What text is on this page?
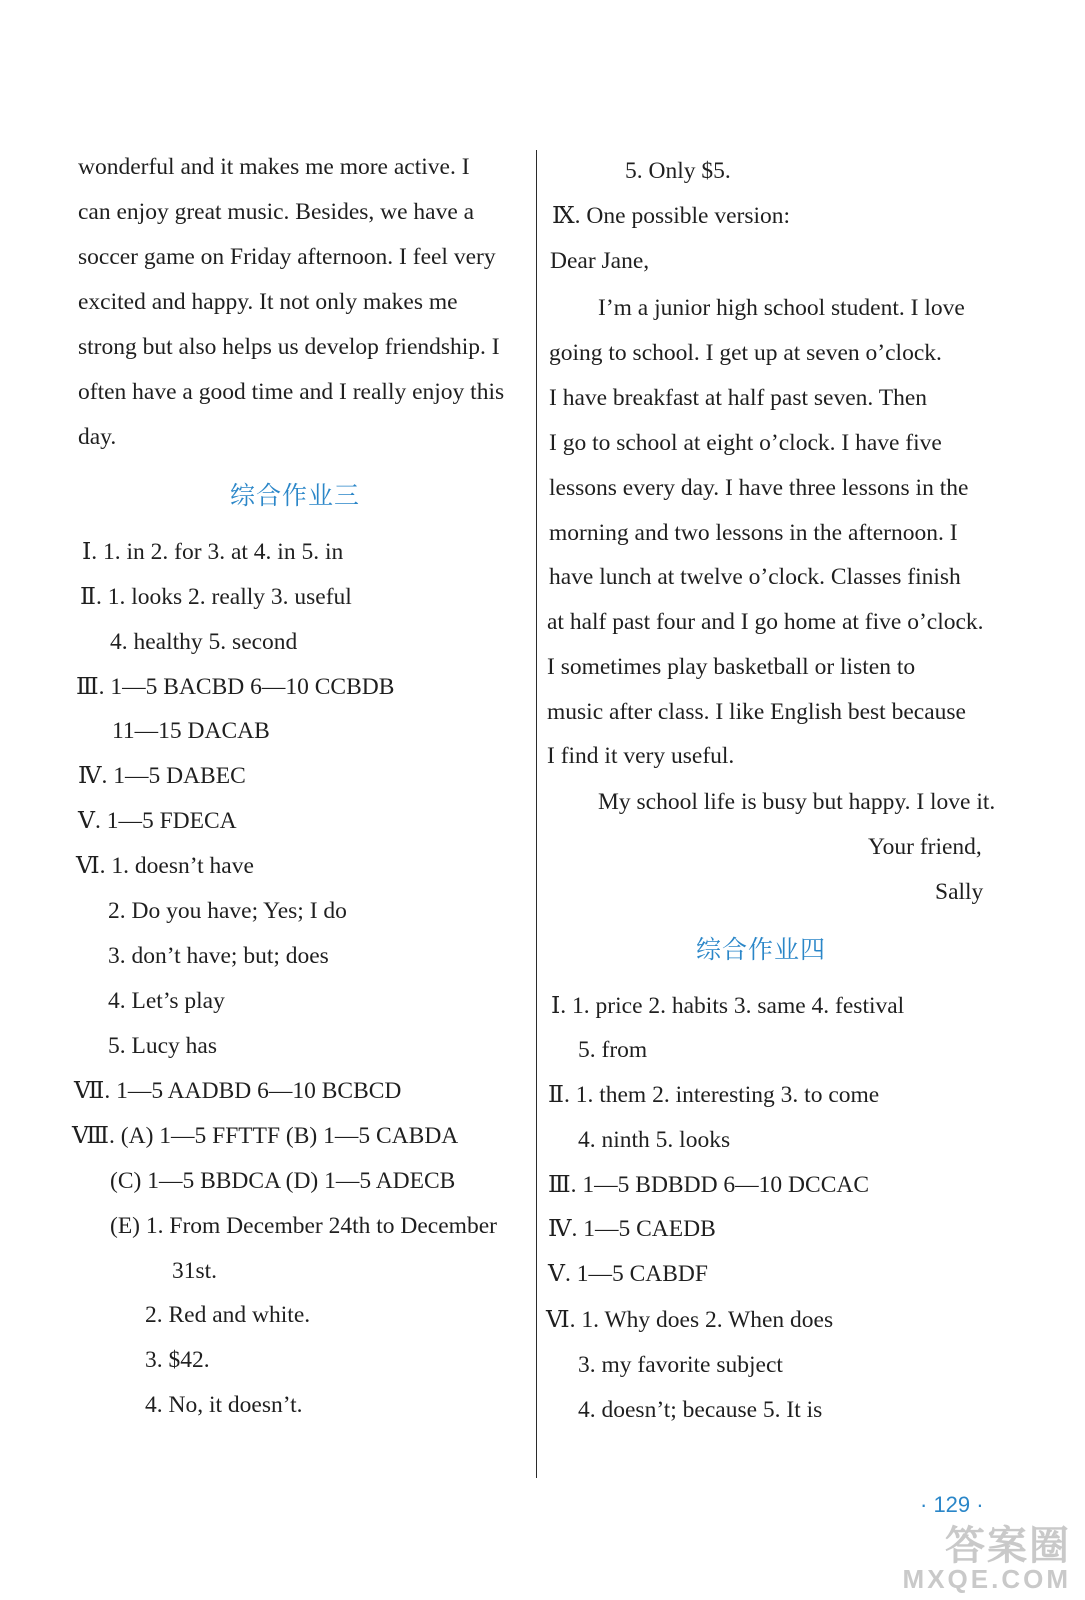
wonderful and it makes me more active. I
can enjoy great music. Besides, we have a
soccer game on Friday afternoon. I feel very
excited and happy. It not only makes me
strong but also helps us develop friendship. I
often have a good time and I really enjoy this
day.
综合作业三
Ⅰ. 1. in 2. for 3. at 4. in 5. in
Ⅱ. 1. looks 2. really 3. useful
4. healthy 5. second
Ⅲ. 1—5 BACBD 6—10 CCBDB
11—15 DACAB
Ⅳ. 1—5 DABEC
Ⅴ. 1—5 FDECA
Ⅵ. 1. doesn’t have
2. Do you have; Yes; I do
3. don’t have; but; does
4. Let’s play
5. Lucy has
Ⅶ. 1—5 AADBD 6—10 BCBCD
Ⅷ. (A) 1—5 FFTTF (B) 1—5 CABDA
(C) 1—5 BBDCA (D) 1—5 ADECB
(E) 1. From December 24th to December
31st.
2. Red and white.
3. $42.
4. No, it doesn’t.
5. Only $5.
Ⅸ. One possible version:
Dear Jane,
I’m a junior high school student. I love
going to school. I get up at seven o’clock.
I have breakfast at half past seven. Then
I go to school at eight o’clock. I have five
lessons every day. I have three lessons in the
morning and two lessons in the afternoon. I
have lunch at twelve o’clock. Classes finish
at half past four and I go home at five o’clock.
I sometimes play basketball or listen to
music after class. I like English best because
I find it very useful.
My school life is busy but happy. I love it.
Your friend,
Sally
综合作业四
Ⅰ. 1. price 2. habits 3. same 4. festival
5. from
Ⅱ. 1. them 2. interesting 3. to come
4. ninth 5. looks
Ⅲ. 1—5 BDBDD 6—10 DCCAC
Ⅳ. 1—5 CAEDB
Ⅴ. 1—5 CABDF
Ⅵ. 1. Why does 2. When does
3. my favorite subject
4. doesn’t; because 5. It is
· 129 ·
答案圈
MXQE.COM
